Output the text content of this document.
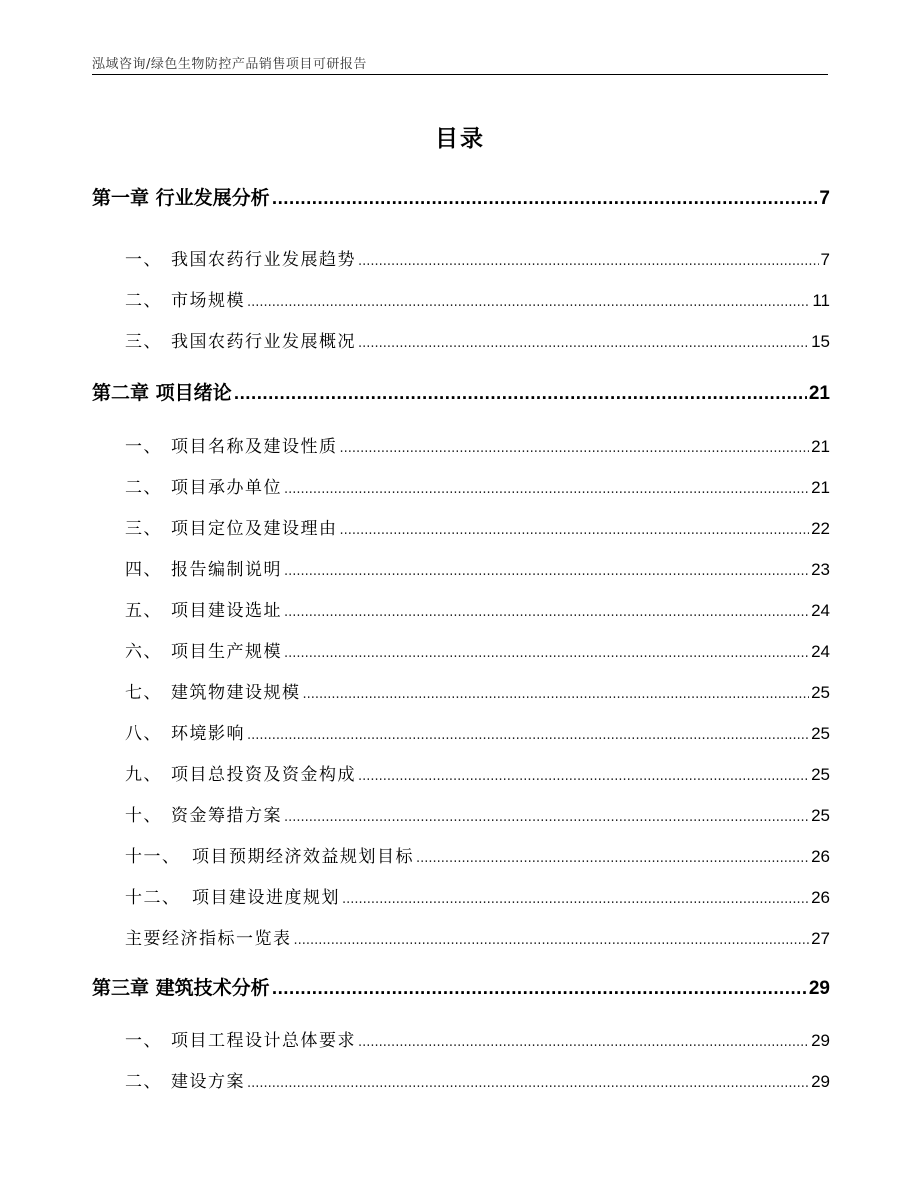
泓域咨询/绿色生物防控产品销售项目可研报告
目录
第一章 行业发展分析 .....	7
一、 我国农药行业发展趋势 .....	7
二、 市场规模 .....	11
三、 我国农药行业发展概况 .....	15
第二章 项目绪论 .....	21
一、 项目名称及建设性质 .....	21
二、 项目承办单位 .....	21
三、 项目定位及建设理由 .....	22
四、 报告编制说明 .....	23
五、 项目建设选址 .....	24
六、 项目生产规模 .....	24
七、 建筑物建设规模 .....	25
八、 环境影响 .....	25
九、 项目总投资及资金构成 .....	25
十、 资金筹措方案 .....	25
十一、 项目预期经济效益规划目标 .....	26
十二、 项目建设进度规划 .....	26
主要经济指标一览表 .....	27
第三章 建筑技术分析 .....	29
一、 项目工程设计总体要求 .....	29
二、 建设方案 .....	29
